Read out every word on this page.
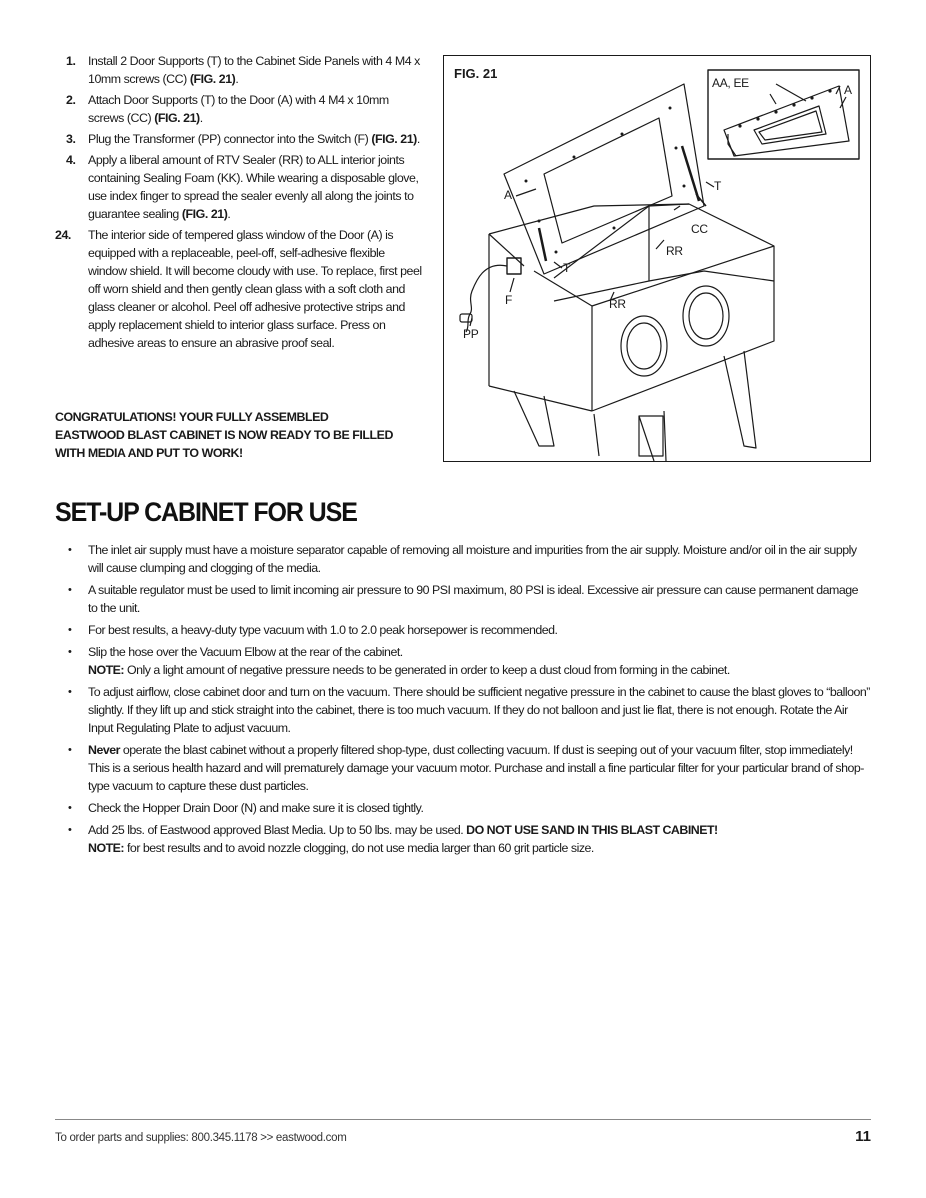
1.	Install 2 Door Supports (T) to the Cabinet Side Panels with 4 M4 x 10mm screws (CC) (FIG. 21).
2.	Attach Door Supports (T) to the Door (A) with 4 M4 x 10mm screws (CC) (FIG. 21).
3.	Plug the Transformer (PP) connector into the Switch (F) (FIG. 21).
4.	Apply a liberal amount of RTV Sealer (RR) to ALL interior joints containing Sealing Foam (KK). While wearing a disposable glove, use index finger to spread the sealer evenly all along the joints to guarantee sealing (FIG. 21).
24.	The interior side of tempered glass window of the Door (A) is equipped with a replaceable, peel-off, self-adhesive flexible window shield. It will become cloudy with use. To replace, first peel off worn shield and then gently clean glass with a soft cloth and glass cleaner or alcohol. Peel off adhesive protective strips and apply replacement shield to interior glass surface. Press on adhesive areas to ensure an abrasive proof seal.

CONGRATULATIONS! YOUR FULLY ASSEMBLED EASTWOOD BLAST CABINET IS NOW READY TO BE FILLED WITH MEDIA AND PUT TO WORK!

FIG. 21
AA, EE	A
A
T
CC
RR
T
RR
F
PP
SET-UP CABINET FOR USE
•	The inlet air supply must have a moisture separator capable of removing all moisture and impurities from the air supply. Moisture and/or oil in the air supply will cause clumping and clogging of the media.
•	A suitable regulator must be used to limit incoming air pressure to 90 PSI maximum, 80 PSI is ideal. Excessive air pressure can cause permanent damage to the unit.
•	For best results, a heavy-duty type vacuum with 1.0 to 2.0 peak horsepower is recommended.
•	Slip the hose over the Vacuum Elbow at the rear of the cabinet.
NOTE: Only a light amount of negative pressure needs to be generated in order to keep a dust cloud from forming in the cabinet.
•	To adjust airflow, close cabinet door and turn on the vacuum. There should be sufficient negative pressure in the cabinet to cause the blast gloves to “balloon” slightly. If they lift up and stick straight into the cabinet, there is too much vacuum. If they do not balloon and just lie flat, there is not enough. Rotate the Air Input Regulating Plate to adjust vacuum.
•	Never operate the blast cabinet without a properly filtered shop-type, dust collecting vacuum. If dust is seeping out of your vacuum filter, stop immediately! This is a serious health hazard and will prematurely damage your vacuum motor. Purchase and install a fine particular filter for your particular brand of shop-type vacuum to capture these dust particles.
•	Check the Hopper Drain Door (N) and make sure it is closed tightly.
•	Add 25 lbs. of Eastwood approved Blast Media. Up to 50 lbs. may be used. DO NOT USE SAND IN THIS BLAST CABINET!
NOTE: for best results and to avoid nozzle clogging, do not use media larger than 60 grit particle size.
To order parts and supplies: 800.345.1178 >> eastwood.com	11
